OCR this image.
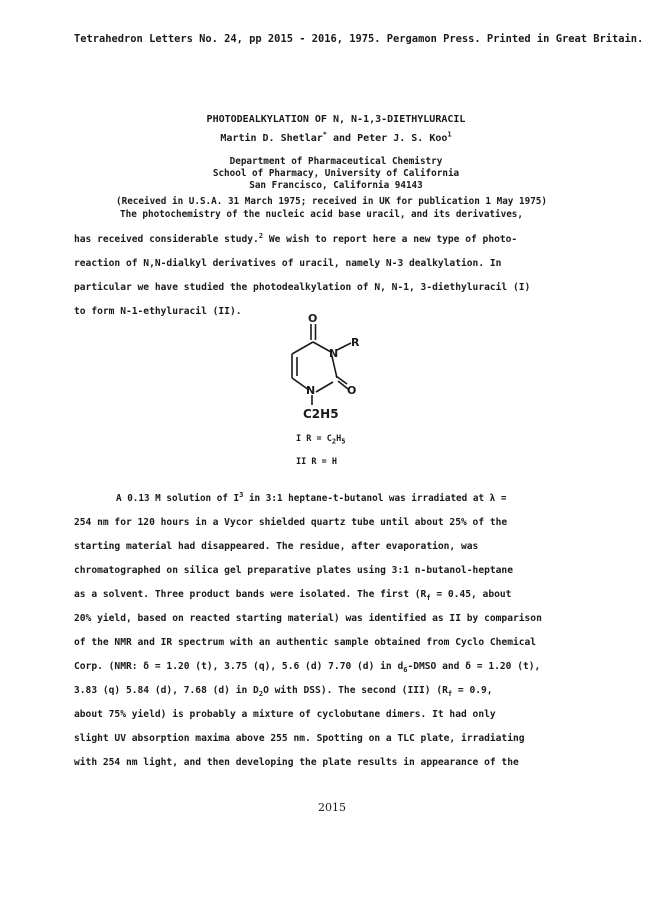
Tetrahedron Letters No. 24, pp 2015 - 2016, 1975. Pergamon Press. Printed in Great Britain.
PHOTODEALKYLATION OF N, N-1,3-DIETHYLURACIL
Martin D. Shetlar* and Peter J. S. Koo$^1$
Department of Pharmaceutical Chemistry
School of Pharmacy, University of California
San Francisco, California 94143
(Received in U.S.A. 31 March 1975; received in UK for publication 1 May 1975)
The photochemistry of the nucleic acid base uracil, and its derivatives,
has received considerable study.$^2$ We wish to report here a new type of photo-
reaction of N,N-dialkyl derivatives of uracil, namely N-3 dealkylation. In
particular we have studied the photodealkylation of N, N-1, 3-diethyluracil (I)
to form N-1-ethyluracil (II).
O
N
R
N	O
C2H5
I $R = C_2H_5$
II R = H
A 0.13 M solution of $I^3$ in 3:1 heptane-t-butanol was irradiated at λ =
254 nm for 120 hours in a Vycor shielded quartz tube until about 25% of the
starting material had disappeared. The residue, after evaporation, was
chromatographed on silica gel preparative plates using 3:1 n-butanol-heptane
as a solvent. Three product bands were isolated. The first ($R_f = 0.45$, about
20% yield, based on reacted starting material) was identified as II by comparison
of the NMR and IR spectrum with an authentic sample obtained from Cyclo Chemical
Corp. (NMR: δ = 1.20 (t), 3.75 (q), 5.6 (d) 7.70 (d) in $d_6$-DMSO and δ = 1.20 (t),
3.83 (q) 5.84 (d), 7.68 (d) in $D_2O$ with DSS). The second (III) ($R_f = 0.9$,
about 75% yield) is probably a mixture of cyclobutane dimers. It had only
slight UV absorption maxima above 255 nm. Spotting on a TLC plate, irradiating
with 254 nm light, and then developing the plate results in appearance of the
2015
